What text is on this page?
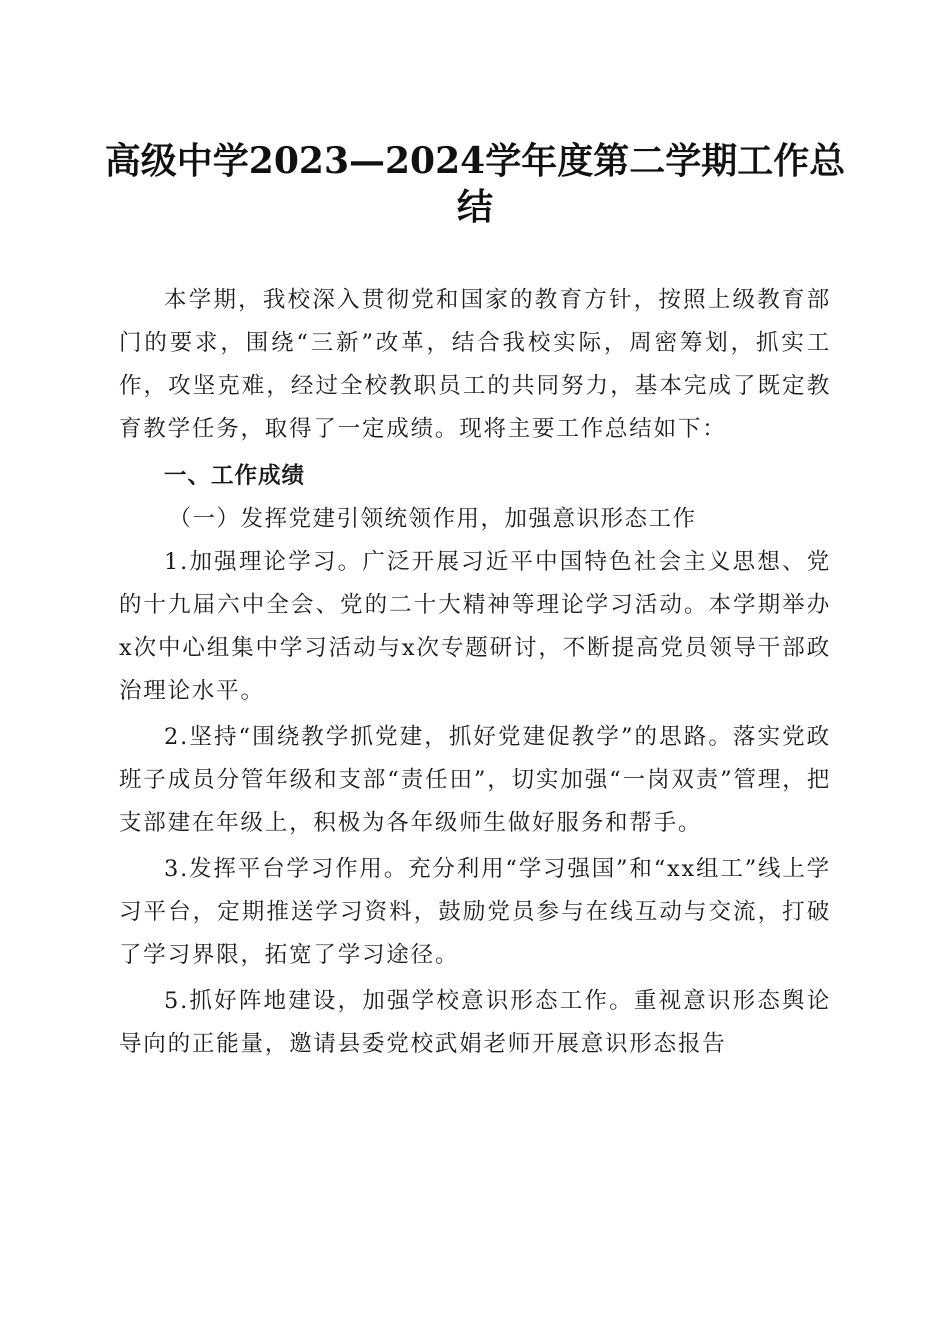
高级中学2023—2024学年度第二学期工作总结

本学期，我校深入贯彻党和国家的教育方针，按照上级教育部门的要求，围绕“三新”改革，结合我校实际，周密筹划，抓实工作，攻坚克难，经过全校教职员工的共同努力，基本完成了既定教育教学任务，取得了一定成绩。现将主要工作总结如下：

一、工作成绩

（一）发挥党建引领统领作用，加强意识形态工作

1.加强理论学习。广泛开展习近平中国特色社会主义思想、党的十九届六中全会、党的二十大精神等理论学习活动。本学期举办x次中心组集中学习活动与x次专题研讨，不断提高党员领导干部政治理论水平。

2.坚持“围绕教学抓党建，抓好党建促教学”的思路。落实党政班子成员分管年级和支部“责任田”，切实加强“一岗双责”管理，把支部建在年级上，积极为各年级师生做好服务和帮手。

3.发挥平台学习作用。充分利用“学习强国”和“xx组工”线上学习平台，定期推送学习资料，鼓励党员参与在线互动与交流，打破了学习界限，拓宽了学习途径。

5.抓好阵地建设，加强学校意识形态工作。重视意识形态舆论导向的正能量，邀请县委党校武娟老师开展意识形态报告
